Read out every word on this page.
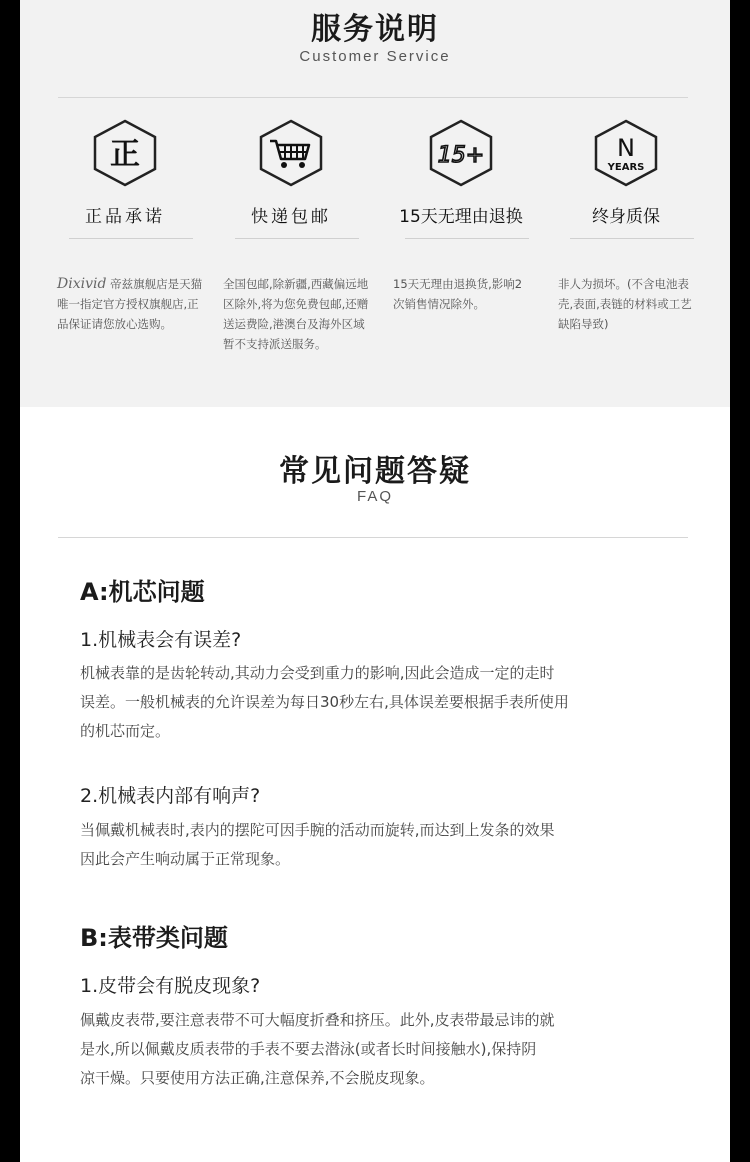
服务说明
Customer Service
正
正品承诺
Dixivid 帝兹旗舰店是天猫唯一指定官方授权旗舰店,正品保证请您放心选购。
快递包邮
全国包邮,除新疆,西藏偏远地区除外,将为您免费包邮,还赠送运费险,港澳台及海外区域暂不支持派送服务。
15+
15天无理由退换
15天无理由退换货,影响2次销售情况除外。
N
YEARS
终身质保
非人为损坏。(不含电池表壳,表面,表链的材料或工艺缺陷导致)
常见问题答疑
FAQ
A:机芯问题
1.机械表会有误差?
机械表靠的是齿轮转动,其动力会受到重力的影响,因此会造成一定的走时
误差。一般机械表的允许误差为每日30秒左右,具体误差要根据手表所使用
的机芯而定。
2.机械表内部有响声?
当佩戴机械表时,表内的摆陀可因手腕的活动而旋转,而达到上发条的效果
因此会产生响动属于正常现象。
B:表带类问题
1.皮带会有脱皮现象?
佩戴皮表带,要注意表带不可大幅度折叠和挤压。此外,皮表带最忌讳的就
是水,所以佩戴皮质表带的手表不要去潜泳(或者长时间接触水),保持阴
凉干燥。只要使用方法正确,注意保养,不会脱皮现象。
